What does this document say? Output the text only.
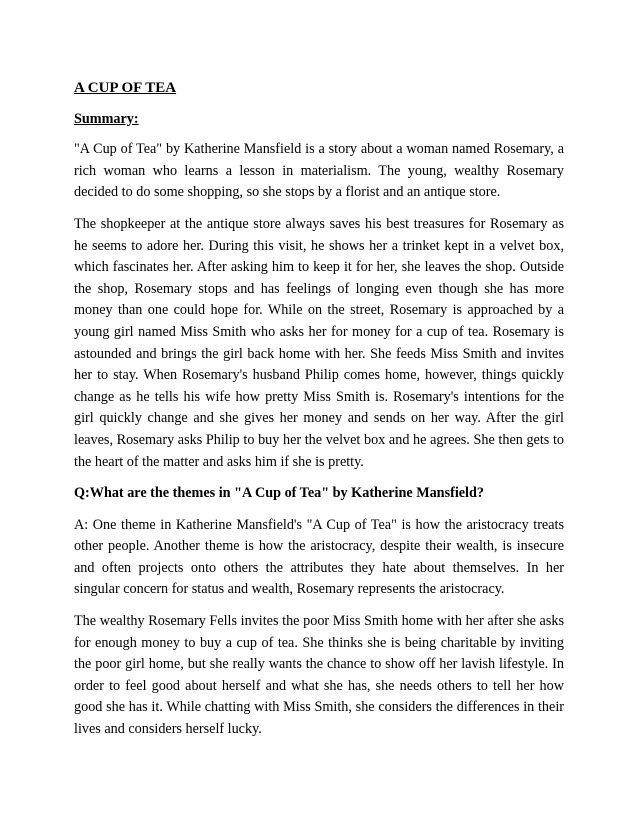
A CUP OF TEA
Summary:

"A Cup of Tea" by Katherine Mansfield is a story about a woman named Rosemary, a rich woman who learns a lesson in materialism. The young, wealthy Rosemary decided to do some shopping, so she stops by a florist and an antique store.

The shopkeeper at the antique store always saves his best treasures for Rosemary as he seems to adore her. During this visit, he shows her a trinket kept in a velvet box, which fascinates her. After asking him to keep it for her, she leaves the shop. Outside the shop, Rosemary stops and has feelings of longing even though she has more money than one could hope for. While on the street, Rosemary is approached by a young girl named Miss Smith who asks her for money for a cup of tea. Rosemary is astounded and brings the girl back home with her. She feeds Miss Smith and invites her to stay. When Rosemary's husband Philip comes home, however, things quickly change as he tells his wife how pretty Miss Smith is. Rosemary's intentions for the girl quickly change and she gives her money and sends on her way. After the girl leaves, Rosemary asks Philip to buy her the velvet box and he agrees. She then gets to the heart of the matter and asks him if she is pretty.

Q:What are the themes in "A Cup of Tea" by Katherine Mansfield?

A: One theme in Katherine Mansfield's "A Cup of Tea" is how the aristocracy treats other people. Another theme is how the aristocracy, despite their wealth, is insecure and often projects onto others the attributes they hate about themselves. In her singular concern for status and wealth, Rosemary represents the aristocracy.

The wealthy Rosemary Fells invites the poor Miss Smith home with her after she asks for enough money to buy a cup of tea. She thinks she is being charitable by inviting the poor girl home, but she really wants the chance to show off her lavish lifestyle. In order to feel good about herself and what she has, she needs others to tell her how good she has it. While chatting with Miss Smith, she considers the differences in their lives and considers herself lucky.
